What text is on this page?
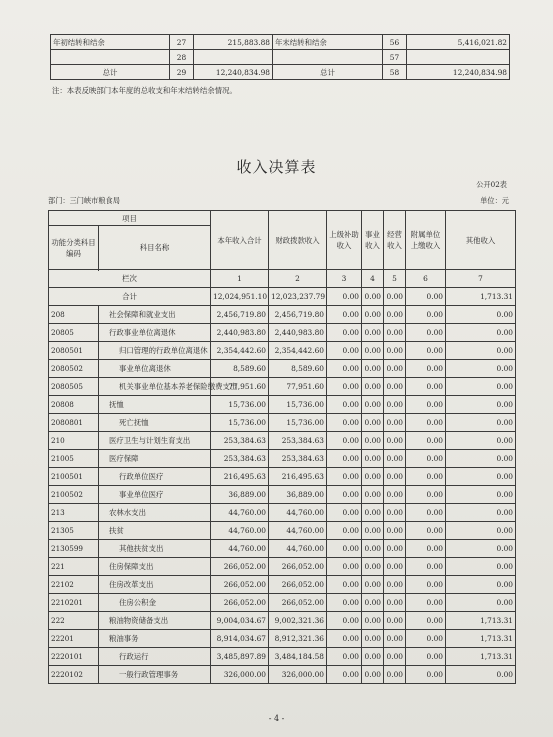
年初结转和结余	27	215,883.88	年末结转和结余	56	5,416,021.82
	28			57	
总计	29	12,240,834.98	总计	58	12,240,834.98
注：本表反映部门本年度的总收支和年末结转结余情况。
收入决算表
公开02表
部门：三门峡市粮食局	单位：元
项目		本年收入合计	财政拨款收入	上级补助收入	事业收入	经营收入	附属单位上缴收入	其他收入
功能分类科目编码	科目名称							

栏次		1	2	3	4	5	6	7
合计		12,024,951.10	12,023,237.79	0.00	0.00	0.00	0.00	1,713.31
208	社会保障和就业支出	2,456,719.80	2,456,719.80	0.00	0.00	0.00	0.00	0.00
20805	行政事业单位离退休	2,440,983.80	2,440,983.80	0.00	0.00	0.00	0.00	0.00
2080501	归口管理的行政单位离退休	2,354,442.60	2,354,442.60	0.00	0.00	0.00	0.00	0.00
2080502	事业单位离退休	8,589.60	8,589.60	0.00	0.00	0.00	0.00	0.00
2080505	机关事业单位基本养老保险缴费支出	77,951.60	77,951.60	0.00	0.00	0.00	0.00	0.00
20808	抚恤	15,736.00	15,736.00	0.00	0.00	0.00	0.00	0.00
2080801	死亡抚恤	15,736.00	15,736.00	0.00	0.00	0.00	0.00	0.00
210	医疗卫生与计划生育支出	253,384.63	253,384.63	0.00	0.00	0.00	0.00	0.00
21005	医疗保障	253,384.63	253,384.63	0.00	0.00	0.00	0.00	0.00
2100501	行政单位医疗	216,495.63	216,495.63	0.00	0.00	0.00	0.00	0.00
2100502	事业单位医疗	36,889.00	36,889.00	0.00	0.00	0.00	0.00	0.00
213	农林水支出	44,760.00	44,760.00	0.00	0.00	0.00	0.00	0.00
21305	扶贫	44,760.00	44,760.00	0.00	0.00	0.00	0.00	0.00
2130599	其他扶贫支出	44,760.00	44,760.00	0.00	0.00	0.00	0.00	0.00
221	住房保障支出	266,052.00	266,052.00	0.00	0.00	0.00	0.00	0.00
22102	住房改革支出	266,052.00	266,052.00	0.00	0.00	0.00	0.00	0.00
2210201	住房公积金	266,052.00	266,052.00	0.00	0.00	0.00	0.00	0.00
222	粮油物资储备支出	9,004,034.67	9,002,321.36	0.00	0.00	0.00	0.00	1,713.31
22201	粮油事务	8,914,034.67	8,912,321.36	0.00	0.00	0.00	0.00	1,713.31
2220101	行政运行	3,485,897.89	3,484,184.58	0.00	0.00	0.00	0.00	1,713.31
2220102	一般行政管理事务	326,000.00	326,000.00	0.00	0.00	0.00	0.00	0.00
- 4 -
